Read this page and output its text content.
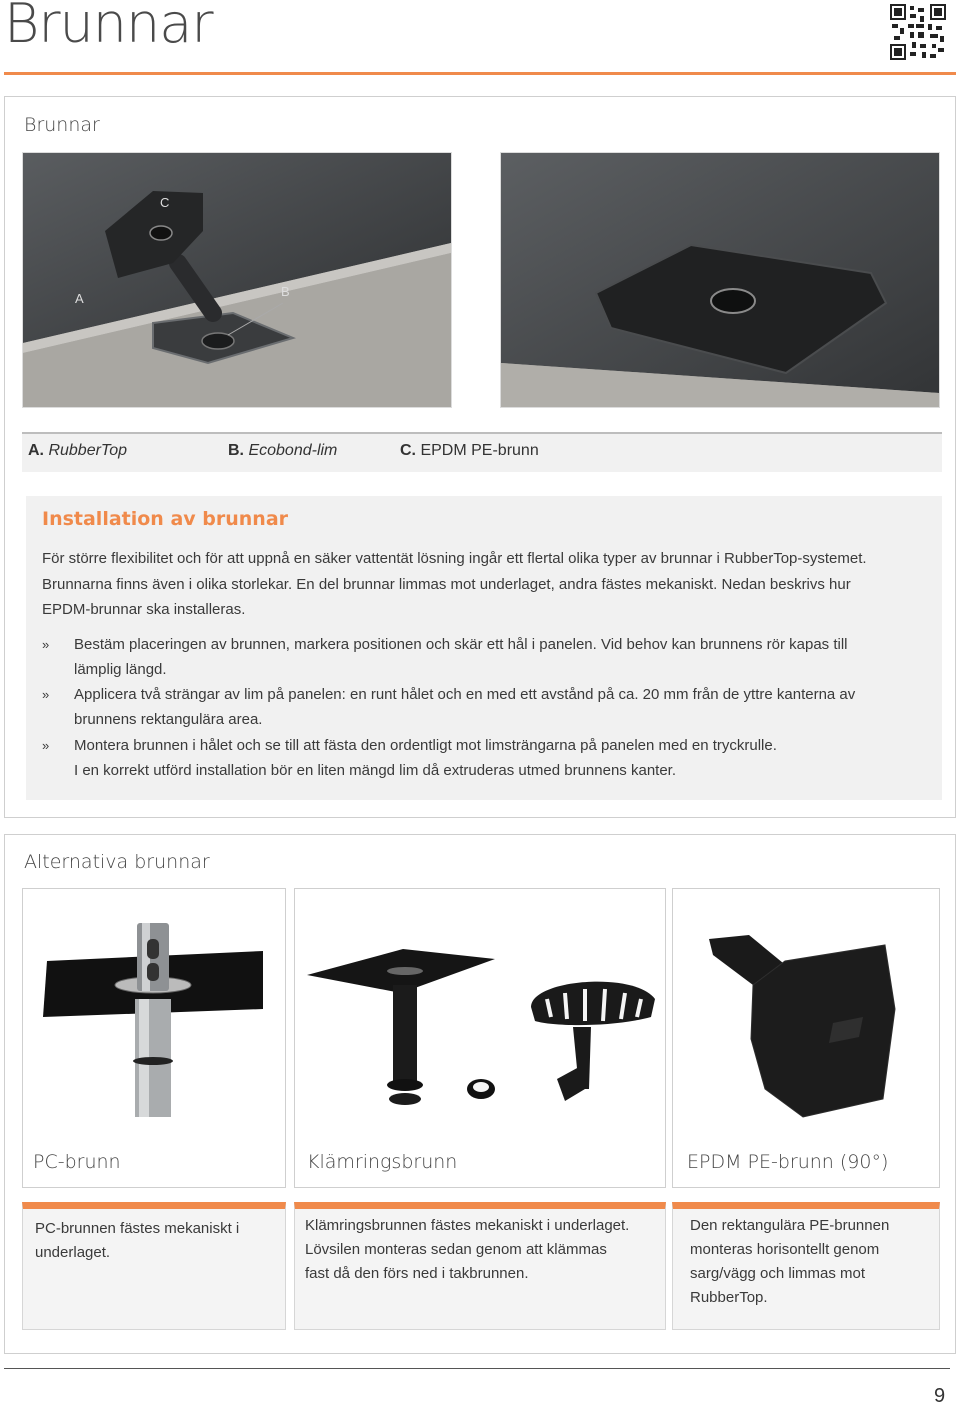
Brunnar
Brunnar
C
A	B
A. RubberTop	B. Ecobond-lim	C. EPDM PE-brunn
Installation av brunnar
För större flexibilitet och för att uppnå en säker vattentät lösning ingår ett flertal olika typer av brunnar i RubberTop-systemet.
Brunnarna finns även i olika storlekar. En del brunnar limmas mot underlaget, andra fästes mekaniskt. Nedan beskrivs hur
EPDM-brunnar ska installeras.
» Bestäm placeringen av brunnen, markera positionen och skär ett hål i panelen. Vid behov kan brunnens rör kapas till
lämplig längd.
» Applicera två strängar av lim på panelen: en runt hålet och en med ett avstånd på ca. 20 mm från de yttre kanterna av
brunnens rektangulära area.
» Montera brunnen i hålet och se till att fästa den ordentligt mot limsträngarna på panelen med en tryckrulle.
I en korrekt utförd installation bör en liten mängd lim då extruderas utmed brunnens kanter.
Alternativa brunnar
PC-brunn	Klämringsbrunn	EPDM PE-brunn (90°)
PC-brunnen fästes mekaniskt i
underlaget.
Klämringsbrunnen fästes mekaniskt i underlaget.
Lövsilen monteras sedan genom att klämmas
fast då den förs ned i takbrunnen.
Den rektangulära PE-brunnen
monteras horisontellt genom
sarg/vägg och limmas mot
RubberTop.
9
